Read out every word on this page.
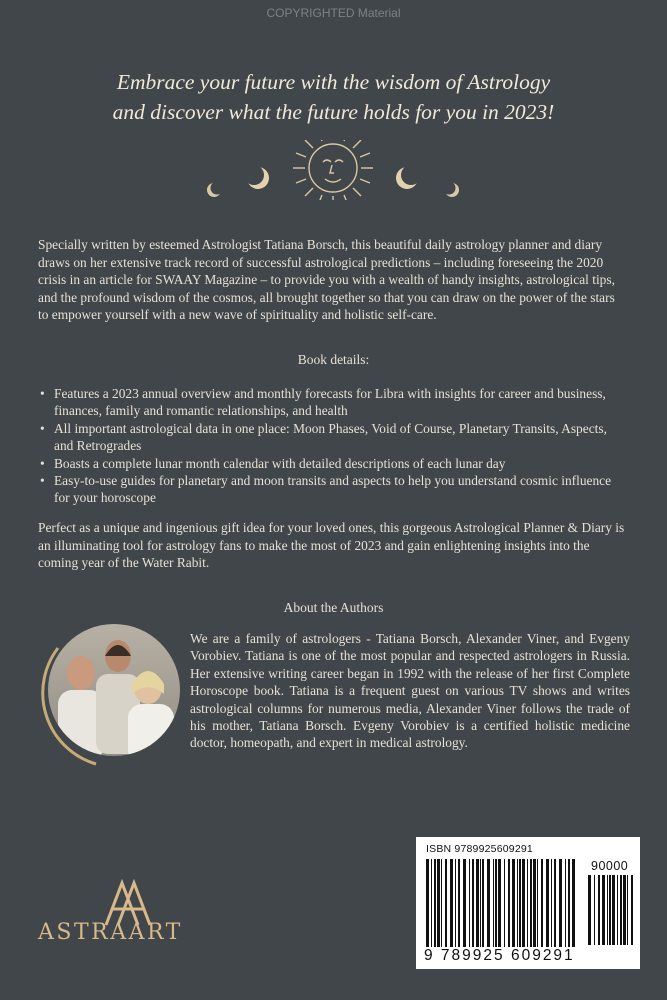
COPYRIGHTED Material
Embrace your future with the wisdom of Astrology
and discover what the future holds for you in 2023!

Specially written by esteemed Astrologist Tatiana Borsch, this beautiful daily astrology planner and diary draws on her extensive track record of successful astrological predictions – including foreseeing the 2020 crisis in an article for SWAAY Magazine – to provide you with a wealth of handy insights, astrological tips, and the profound wisdom of the cosmos, all brought together so that you can draw on the power of the stars to empower yourself with a new wave of spirituality and holistic self-care.

Book details:
• Features a 2023 annual overview and monthly forecasts for Libra with insights for career and business, finances, family and romantic relationships, and health
• All important astrological data in one place: Moon Phases, Void of Course, Planetary Transits, Aspects, and Retrogrades
• Boasts a complete lunar month calendar with detailed descriptions of each lunar day
• Easy-to-use guides for planetary and moon transits and aspects to help you understand cosmic influence for your horoscope

Perfect as a unique and ingenious gift idea for your loved ones, this gorgeous Astrological Planner & Diary is an illuminating tool for astrology fans to make the most of 2023 and gain enlightening insights into the coming year of the Water Rabit.

About the Authors

We are a family of astrologers - Tatiana Borsch, Alexander Viner, and Evgeny Vorobiev. Tatiana is one of the most popular and respected astrologers in Russia. Her extensive writing career began in 1992 with the release of her first Complete Horoscope book. Tatiana is a frequent guest on various TV shows and writes astrological columns for numerous media, Alexander Viner follows the trade of his mother, Tatiana Borsch. Evgeny Vorobiev is a certified holistic medicine doctor, homeopath, and expert in medical astrology.

ISBN 9789925609291
90000
9 789925 609291
ASTRAART
